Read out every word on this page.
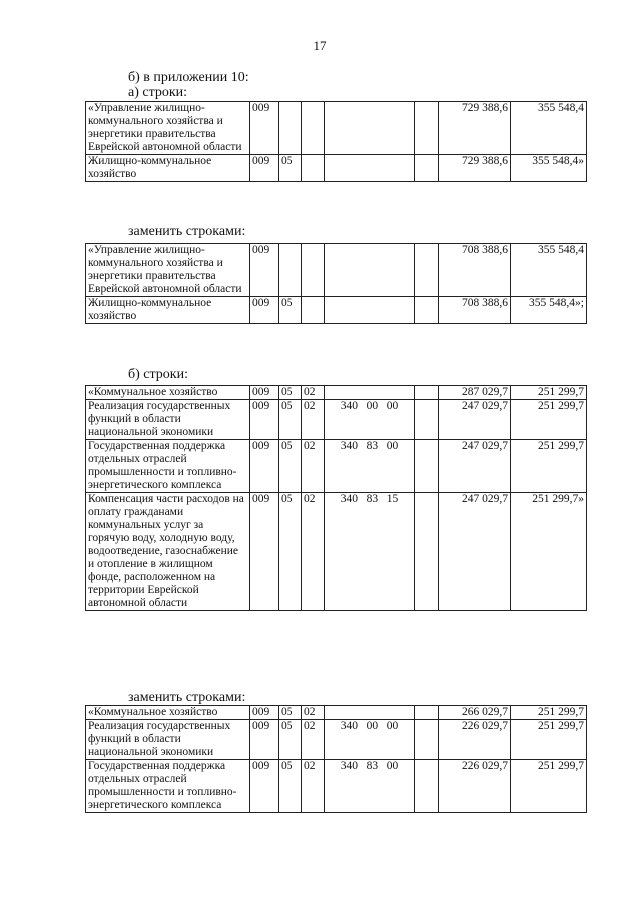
17
б) в приложении 10:
а) строки:
«Управление жилищно-коммунального хозяйства и энергетики правительства Еврейской автономной области	009					729 388,6	355 548,4
Жилищно-коммунальное хозяйство	009	05				729 388,6	355 548,4»
заменить строками:
«Управление жилищно-коммунального хозяйства и энергетики правительства Еврейской автономной области	009					708 388,6	355 548,4
Жилищно-коммунальное хозяйство	009	05				708 388,6	355 548,4»;
б) строки:
«Коммунальное хозяйство	009	05	02			287 029,7	251 299,7
Реализация государственных функций в области национальной экономики	009	05	02	340   00   00		247 029,7	251 299,7
Государственная поддержка отдельных отраслей промышленности и топливно-энергетического комплекса	009	05	02	340   83   00		247 029,7	251 299,7
Компенсация части расходов на оплату гражданами коммунальных услуг за горячую воду, холодную воду, водоотведение, газоснабжение и отопление в жилищном фонде, расположенном на территории Еврейской автономной области	009	05	02	340   83   15		247 029,7	251 299,7»
заменить строками:
«Коммунальное хозяйство	009	05	02			266 029,7	251 299,7
Реализация государственных функций в области национальной экономики	009	05	02	340   00   00		226 029,7	251 299,7
Государственная поддержка отдельных отраслей промышленности и топливно-энергетического комплекса	009	05	02	340   83   00		226 029,7	251 299,7
